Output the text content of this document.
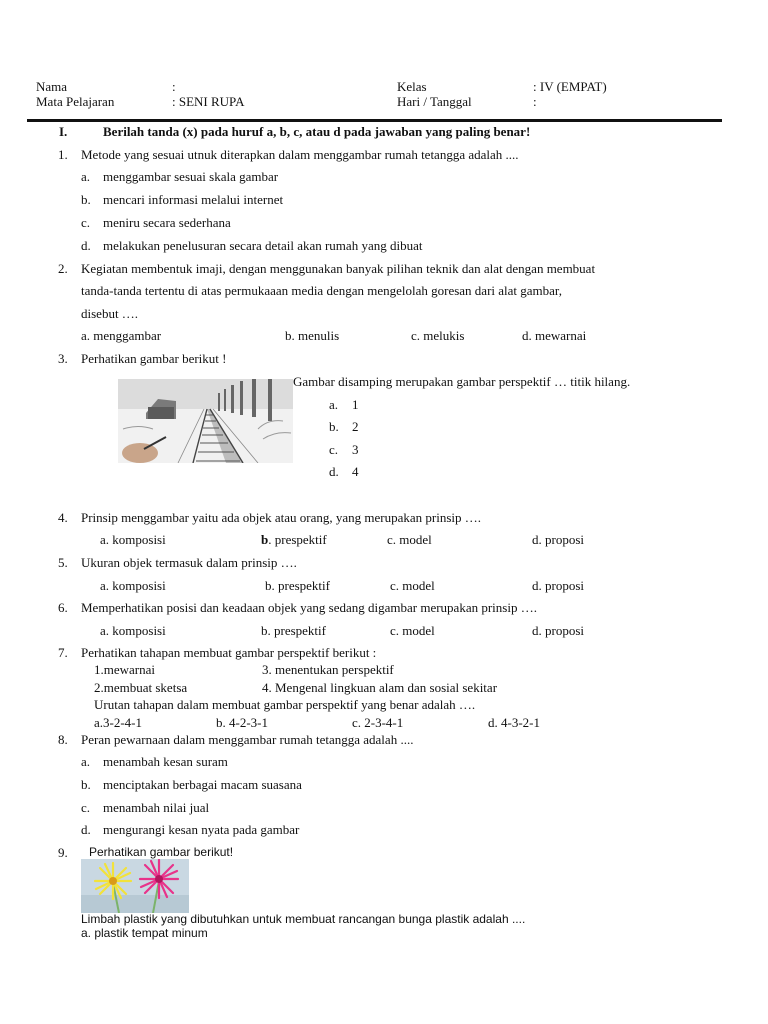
Nama	:	Kelas	: IV (EMPAT)
Mata Pelajaran	: SENI RUPA	Hari / Tanggal	:
I.	Berilah tanda (x) pada huruf a, b, c, atau d pada jawaban yang paling benar!
1. Metode yang sesuai utnuk diterapkan dalam menggambar rumah tetangga adalah ....
a. menggambar sesuai skala gambar
b. mencari informasi melalui internet
c. meniru secara sederhana
d. melakukan penelusuran secara detail akan rumah yang dibuat
2. Kegiatan membentuk imaji, dengan menggunakan banyak pilihan teknik dan alat dengan membuat
tanda-tanda tertentu di atas permukaaan media dengan mengelolah goresan dari alat gambar,
disebut ….
a. menggambar	b. menulis	c. melukis	d. mewarnai
3. Perhatikan gambar berikut !
Gambar disamping merupakan gambar perspektif … titik hilang.
a. 1
b. 2
c. 3
d. 4
4. Prinsip menggambar yaitu ada objek atau orang, yang merupakan prinsip ….
a. komposisi	b. prespektif	c. model	d. proposi
5. Ukuran objek termasuk dalam prinsip ….
a. komposisi	b. prespektif	c. model	d. proposi
6. Memperhatikan posisi dan keadaan objek yang sedang digambar merupakan prinsip ….
a. komposisi	b. prespektif	c. model	d. proposi
7. Perhatikan tahapan membuat gambar perspektif berikut :
1.mewarnai	3. menentukan perspektif
2.membuat sketsa	4. Mengenal lingkuan alam dan sosial sekitar
Urutan tahapan dalam membuat gambar perspektif yang benar adalah ….
a.3-2-4-1	b. 4-2-3-1	c. 2-3-4-1	d. 4-3-2-1
8. Peran pewarnaan dalam menggambar rumah tetangga adalah ....
a. menambah kesan suram
b. menciptakan berbagai macam suasana
c. menambah nilai jual
d. mengurangi kesan nyata pada gambar
9. Perhatikan gambar berikut!
Limbah plastik yang dibutuhkan untuk membuat rancangan bunga plastik adalah ....
a. plastik tempat minum
